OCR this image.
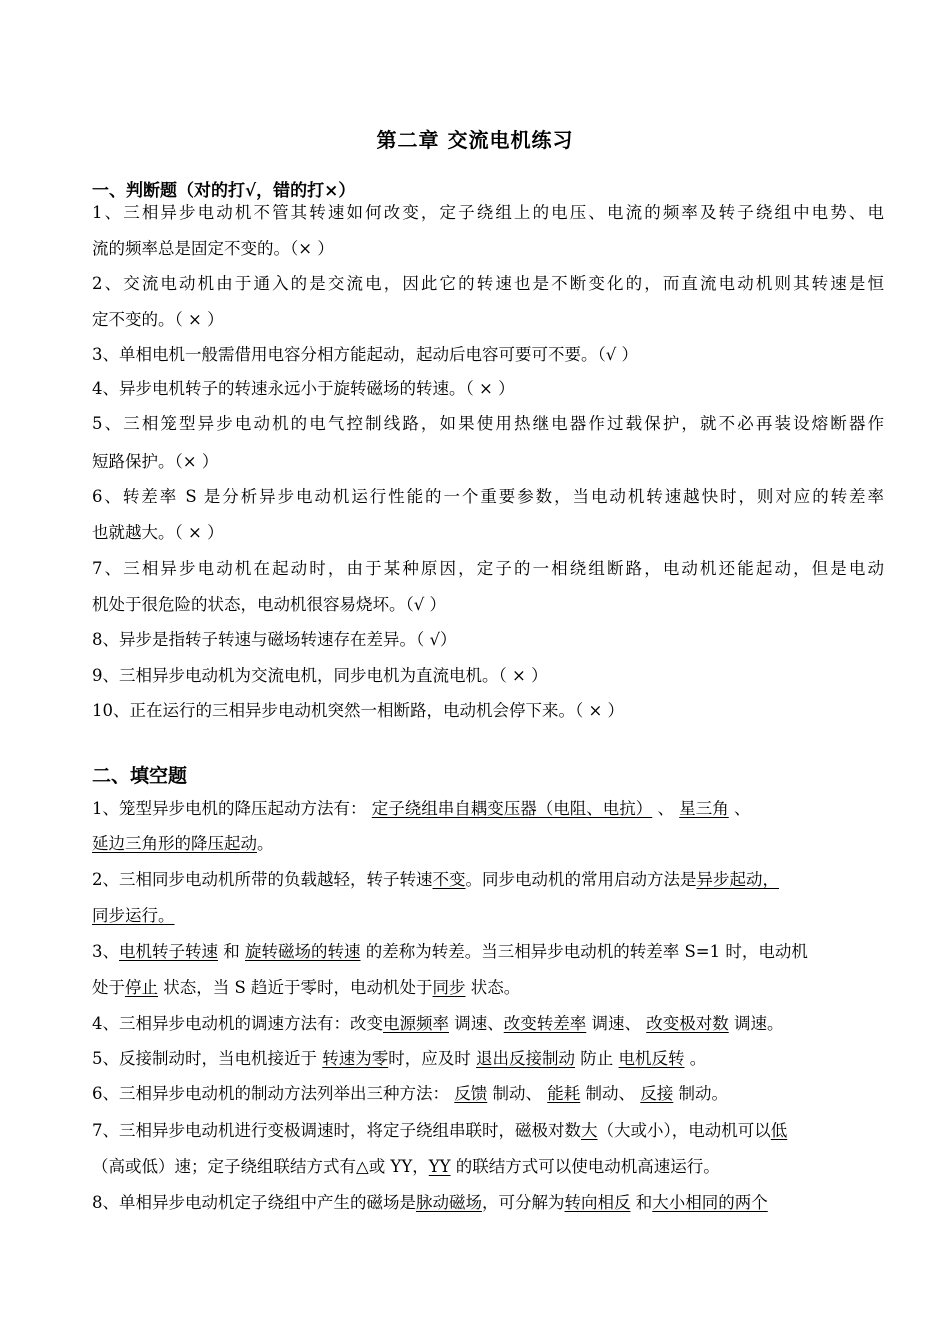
第二章 交流电机练习
一、判断题（对的打√，错的打×）
1、三相异步电动机不管其转速如何改变，定子绕组上的电压、电流的频率及转子绕组中电势、电
流的频率总是固定不变的。（× ）
2、交流电动机由于通入的是交流电，因此它的转速也是不断变化的，而直流电动机则其转速是恒
定不变的。（ × ）
3、单相电机一般需借用电容分相方能起动，起动后电容可要可不要。（√ ）
4、异步电机转子的转速永远小于旋转磁场的转速。（ × ）
5、三相笼型异步电动机的电气控制线路，如果使用热继电器作过载保护，就不必再装设熔断器作
短路保护。（× ）
6、转差率 S 是分析异步电动机运行性能的一个重要参数，当电动机转速越快时，则对应的转差率
也就越大。（ × ）
7、三相异步电动机在起动时，由于某种原因，定子的一相绕组断路，电动机还能起动，但是电动
机处于很危险的状态，电动机很容易烧坏。（√ ）
8、异步是指转子转速与磁场转速存在差异。（ √）
9、三相异步电动机为交流电机，同步电机为直流电机。（ × ）
10、正在运行的三相异步电动机突然一相断路，电动机会停下来。（ × ）
二、填空题
1、笼型异步电机的降压起动方法有： 定子绕组串自耦变压器（电阻、电抗） 、 星三角 、
延边三角形的降压起动。
2、三相同步电动机所带的负载越轻，转子转速不变。同步电动机的常用启动方法是异步起动，
同步运行。
3、电机转子转速 和 旋转磁场的转速 的差称为转差。当三相异步电动机的转差率 S=1 时，电动机
处于停止 状态，当 S 趋近于零时，电动机处于同步 状态。
4、三相异步电动机的调速方法有：改变电源频率 调速、改变转差率 调速、 改变极对数 调速。
5、反接制动时，当电机接近于 转速为零时，应及时 退出反接制动 防止 电机反转 。
6、三相异步电动机的制动方法列举出三种方法： 反馈 制动、 能耗 制动、 反接 制动。
7、三相异步电动机进行变极调速时，将定子绕组串联时，磁极对数大（大或小），电动机可以低
（高或低）速；定子绕组联结方式有△或 YY，YY 的联结方式可以使电动机高速运行。
8、单相异步电动机定子绕组中产生的磁场是脉动磁场，可分解为转向相反 和大小相同的两个
